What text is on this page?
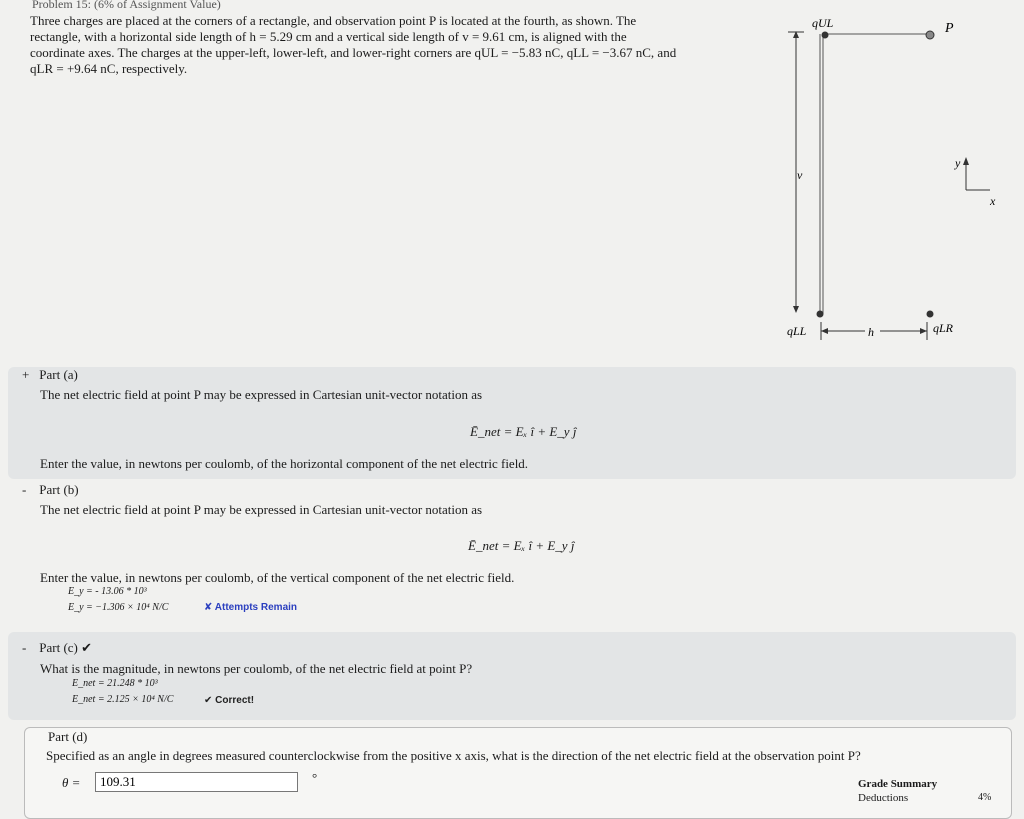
Problem 15: (6% of Assignment Value)
Three charges are placed at the corners of a rectangle, and observation point P is located at the fourth, as shown. The
rectangle, with a horizontal side length of h = 5.29 cm and a vertical side length of v = 9.61 cm, is aligned with the
coordinate axes. The charges at the upper-left, lower-left, and lower-right corners are qUL = −5.83 nC, qLL = −3.67 nC, and
qLR = +9.64 nC, respectively.
qUL	P
v
y
x
qLL	h	qLR
+ Part (a)
The net electric field at point P may be expressed in Cartesian unit-vector notation as
Ē_net = Eₓ î + E_y ĵ
Enter the value, in newtons per coulomb, of the horizontal component of the net electric field.
- Part (b)
The net electric field at point P may be expressed in Cartesian unit-vector notation as
Ē_net = Eₓ î + E_y ĵ
Enter the value, in newtons per coulomb, of the vertical component of the net electric field.
E_y = - 13.06 * 10³
E_y = −1.306 × 10⁴ N/C	✘ Attempts Remain
- Part (c) ✔
What is the magnitude, in newtons per coulomb, of the net electric field at point P?
E_net = 21.248 * 10³
E_net = 2.125 × 10⁴ N/C	✔ Correct!
Part (d)
Specified as an angle in degrees measured counterclockwise from the positive x axis, what is the direction of the net electric field at the observation point P?
θ =
109.31	°	Grade Summary
Deductions	4%
